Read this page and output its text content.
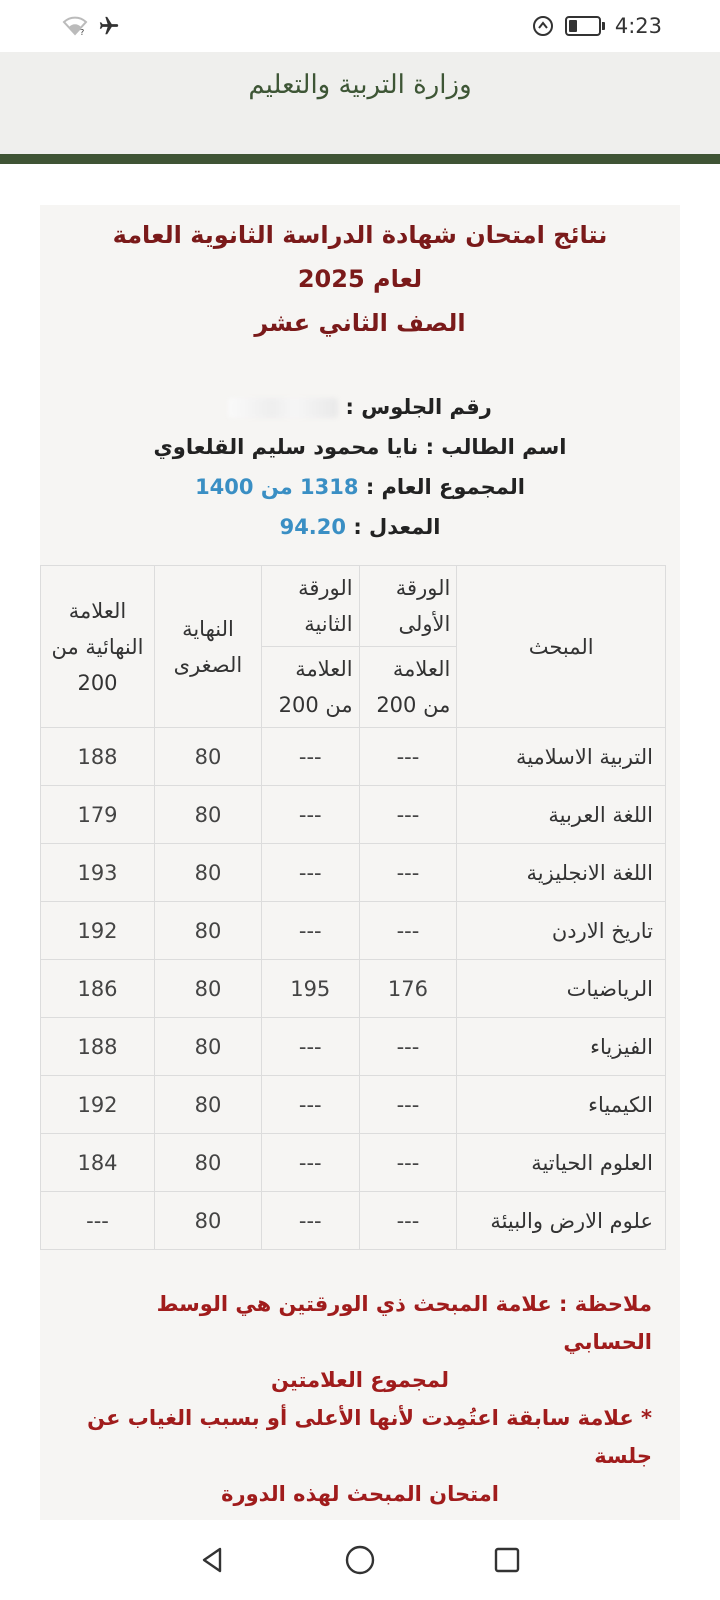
?	4:23
وزارة التربية والتعليم
نتائج امتحان شهادة الدراسة الثانوية العامة
لعام 2025
الصف الثاني عشر
رقم الجلوس :
اسم الطالب : نايا محمود سليم القلعاوي
المجموع العام : 1318 من 1400
المعدل : 94.20
المبحث	الورقة الأولى	الورقة الثانية	النهاية الصغرى	العلامة النهائية من 200
	العلامة من 200	العلامة من 200		
التربية الاسلامية	---	---	80	188
اللغة العربية	---	---	80	179
اللغة الانجليزية	---	---	80	193
تاريخ الاردن	---	---	80	192
الرياضيات	176	195	80	186
الفيزياء	---	---	80	188
الكيمياء	---	---	80	192
العلوم الحياتية	---	---	80	184
علوم الارض والبيئة	---	---	80	---
ملاحظة : علامة المبحث ذي الورقتين هي الوسط الحسابي
لمجموع العلامتين
* علامة سابقة اعتُمِدت لأنها الأعلى أو بسبب الغياب عن جلسة
امتحان المبحث لهذه الدورة
